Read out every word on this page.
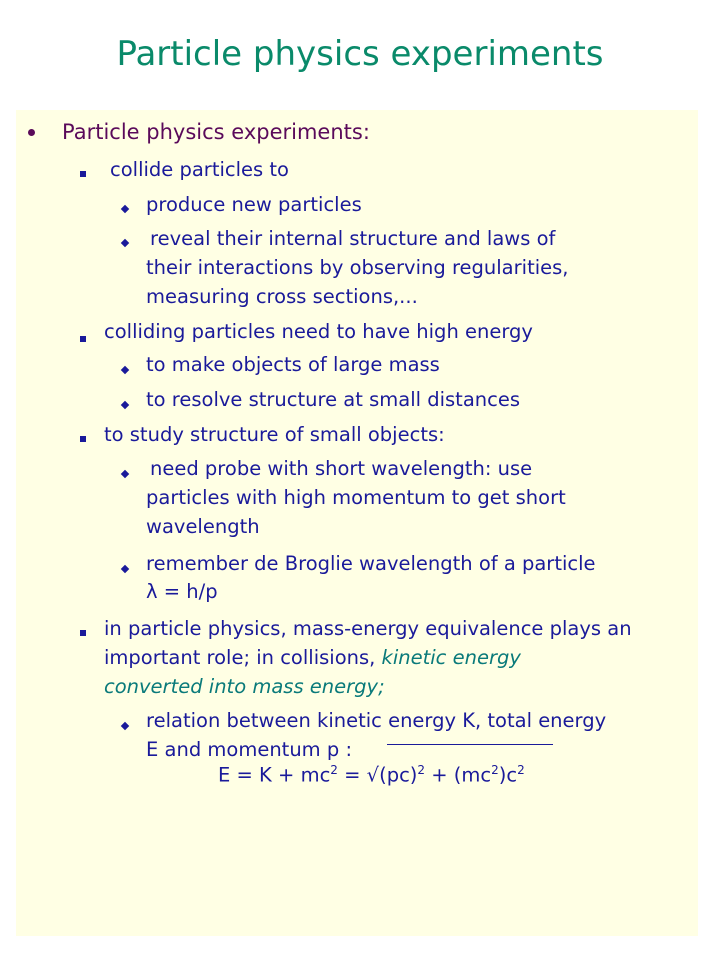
Particle physics experiments
Particle physics experiments:
collide particles to
produce new particles
reveal their internal structure and laws of
their interactions by observing regularities,
measuring cross sections,...
colliding particles need to have high energy
to make objects of large mass
to resolve structure at small distances
to study structure of small objects:
need probe with short wavelength: use
particles with high momentum to get short
wavelength
remember de Broglie wavelength of a particle
λ = h/p
in particle physics, mass-energy equivalence plays an
important role; in collisions, kinetic energy
converted into mass energy;
relation between kinetic energy K, total energy
E and momentum p :
$E = K + mc^2 = √(pc)^2 + (mc^2)c^2$
